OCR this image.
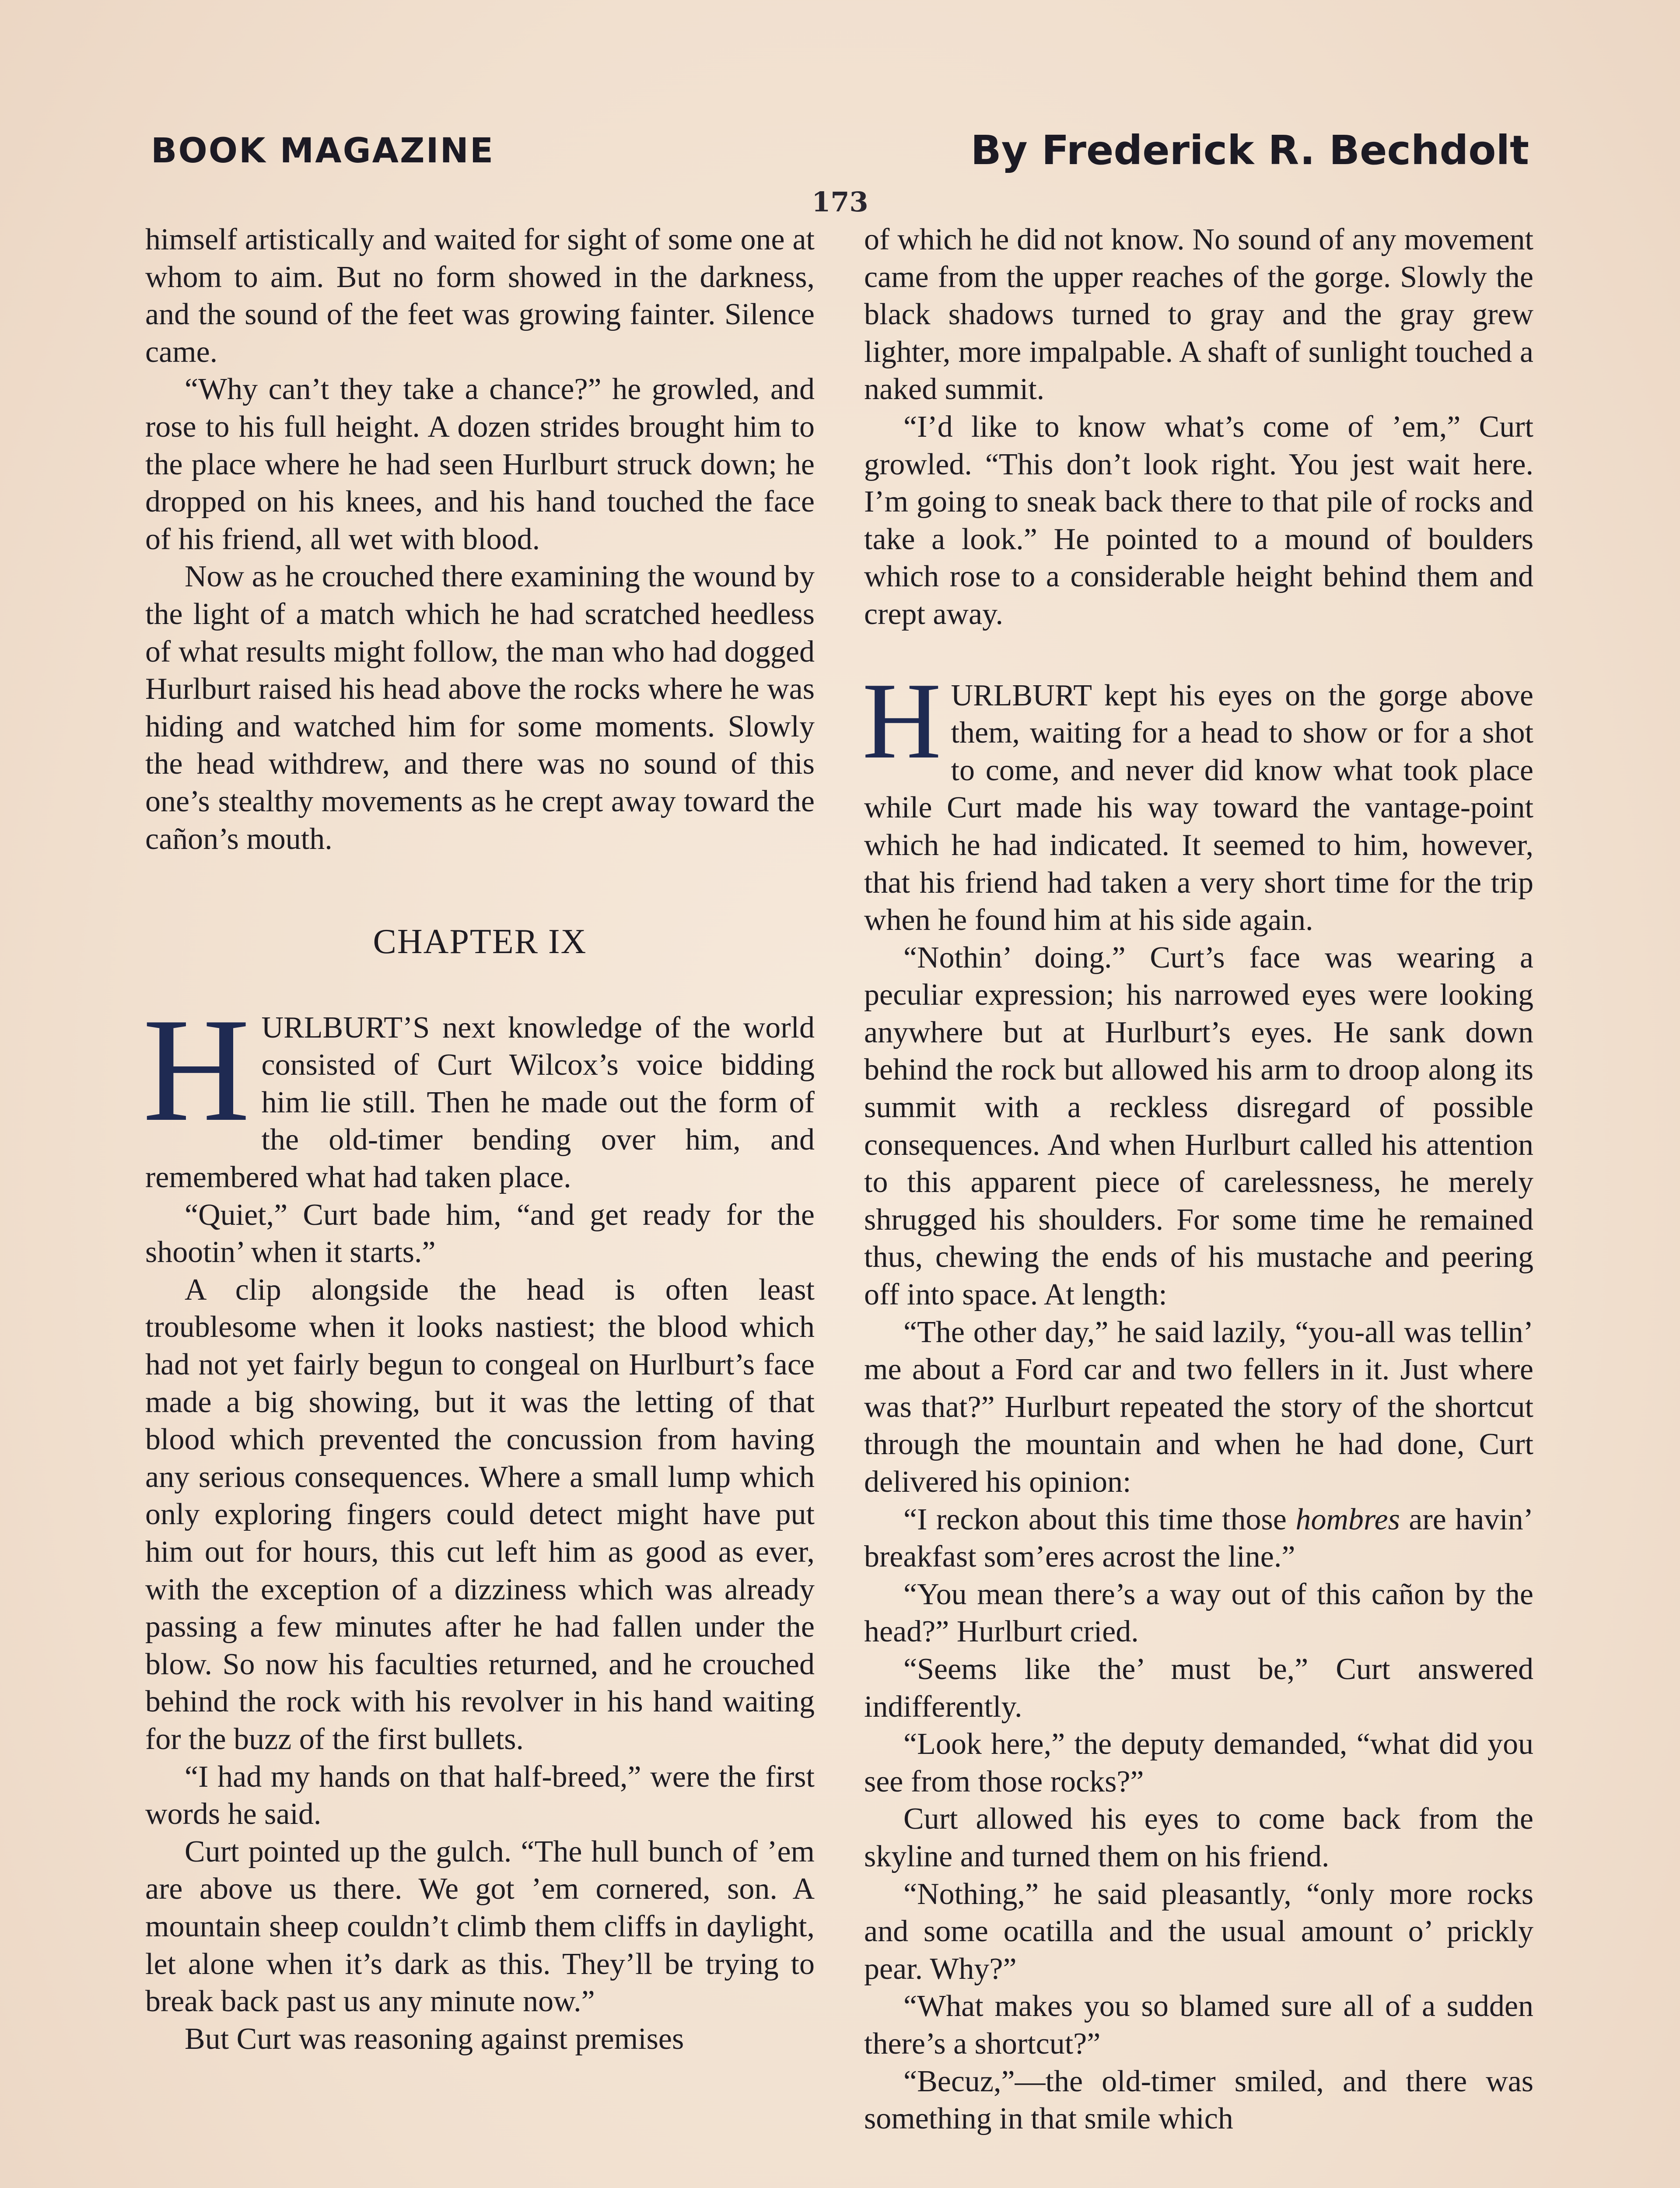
BOOK MAGAZINE	By Frederick R. Bechdolt
173

himself artistically and waited for sight of some one at whom to aim. But no form showed in the darkness, and the sound of the feet was growing fainter. Silence came.

“Why can’t they take a chance?” he growled, and rose to his full height. A dozen strides brought him to the place where he had seen Hurlburt struck down; he dropped on his knees, and his hand touched the face of his friend, all wet with blood.

Now as he crouched there examining the wound by the light of a match which he had scratched heedless of what results might follow, the man who had dogged Hurlburt raised his head above the rocks where he was hiding and watched him for some moments. Slowly the head withdrew, and there was no sound of this one’s stealthy movements as he crept away toward the cañon’s mouth.

CHAPTER IX

HURLBURT’S next knowledge of the world consisted of Curt Wilcox’s voice bidding him lie still. Then he made out the form of the old-timer bending over him, and remembered what had taken place.

“Quiet,” Curt bade him, “and get ready for the shootin’ when it starts.”

A clip alongside the head is often least troublesome when it looks nastiest; the blood which had not yet fairly begun to congeal on Hurlburt’s face made a big showing, but it was the letting of that blood which prevented the concussion from having any serious consequences. Where a small lump which only exploring fingers could detect might have put him out for hours, this cut left him as good as ever, with the exception of a dizziness which was already passing a few minutes after he had fallen under the blow. So now his faculties returned, and he crouched behind the rock with his revolver in his hand waiting for the buzz of the first bullets.

“I had my hands on that half-breed,” were the first words he said.

Curt pointed up the gulch. “The hull bunch of ’em are above us there. We got ’em cornered, son. A mountain sheep couldn’t climb them cliffs in daylight, let alone when it’s dark as this. They’ll be trying to break back past us any minute now.”

But Curt was reasoning against premises

of which he did not know. No sound of any movement came from the upper reaches of the gorge. Slowly the black shadows turned to gray and the gray grew lighter, more impalpable. A shaft of sunlight touched a naked summit.

“I’d like to know what’s come of ’em,” Curt growled. “This don’t look right. You jest wait here. I’m going to sneak back there to that pile of rocks and take a look.” He pointed to a mound of boulders which rose to a considerable height behind them and crept away.

HURLBURT kept his eyes on the gorge above them, waiting for a head to show or for a shot to come, and never did know what took place while Curt made his way toward the vantage-point which he had indicated. It seemed to him, however, that his friend had taken a very short time for the trip when he found him at his side again.

“Nothin’ doing.” Curt’s face was wearing a peculiar expression; his narrowed eyes were looking anywhere but at Hurlburt’s eyes. He sank down behind the rock but allowed his arm to droop along its summit with a reckless disregard of possible consequences. And when Hurlburt called his attention to this apparent piece of carelessness, he merely shrugged his shoulders. For some time he remained thus, chewing the ends of his mustache and peering off into space. At length:

“The other day,” he said lazily, “you-all was tellin’ me about a Ford car and two fellers in it. Just where was that?” Hurlburt repeated the story of the shortcut through the mountain and when he had done, Curt delivered his opinion:

“I reckon about this time those hombres are havin’ breakfast som’eres acrost the line.”

“You mean there’s a way out of this cañon by the head?” Hurlburt cried.

“Seems like the’ must be,” Curt answered indifferently.

“Look here,” the deputy demanded, “what did you see from those rocks?”

Curt allowed his eyes to come back from the skyline and turned them on his friend.

“Nothing,” he said pleasantly, “only more rocks and some ocatilla and the usual amount o’ prickly pear. Why?”

“What makes you so blamed sure all of a sudden there’s a shortcut?”

“Becuz,”—the old-timer smiled, and there was something in that smile which
